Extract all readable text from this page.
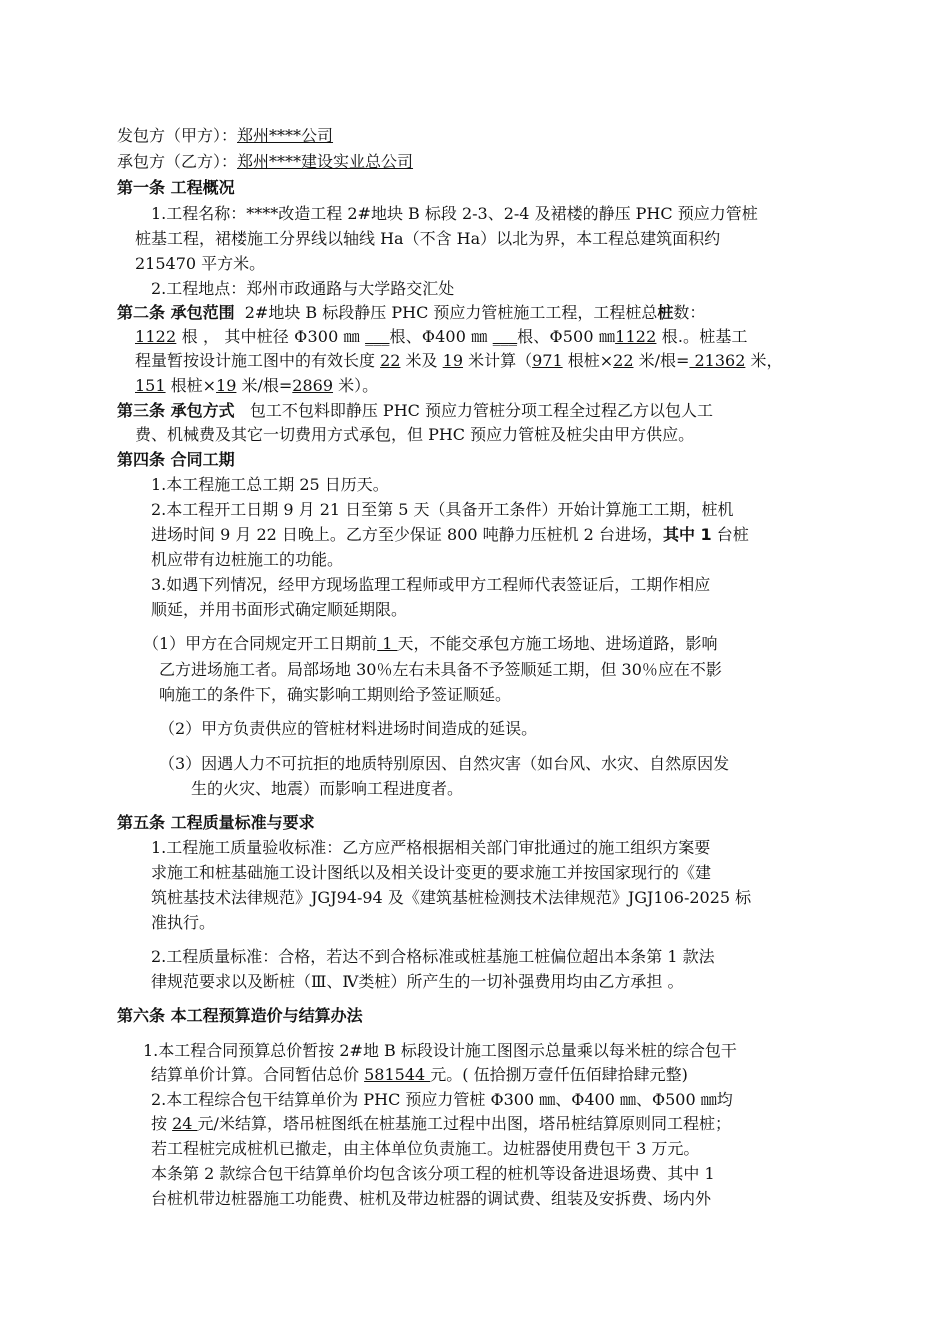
发包方（甲方）：郑州****公司
承包方（乙方）：郑州****建设实业总公司
第一条 工程概况
1.工程名称：****改造工程 2#地块 B 标段 2-3、2-4 及裙楼的静压 PHC 预应力管桩
桩基工程，裙楼施工分界线以轴线 Ha（不含 Ha）以北为界，本工程总建筑面积约
215470 平方米。
2.工程地点：郑州市政通路与大学路交汇处
第二条 承包范围 2#地块 B 标段静压 PHC 预应力管桩施工工程，工程桩总桩数：
1122 根 ， 其中桩径 Φ300 ㎜ ___根、Φ400 ㎜ ___根、Φ500 ㎜1122 根.。桩基工
程量暂按设计施工图中的有效长度 22 米及 19 米计算（971 根桩×22 米/根= 21362 米，
151 根桩×19 米/根=2869 米）。
第三条 承包方式 包工不包料即静压 PHC 预应力管桩分项工程全过程乙方以包人工
费、机械费及其它一切费用方式承包，但 PHC 预应力管桩及桩尖由甲方供应。
第四条 合同工期
1.本工程施工总工期 25 日历天。
2.本工程开工日期 9 月 21 日至第 5 天（具备开工条件）开始计算施工工期，桩机
进场时间 9 月 22 日晚上。乙方至少保证 800 吨静力压桩机 2 台进场，其中 1 台桩
机应带有边桩施工的功能。
3.如遇下列情况，经甲方现场监理工程师或甲方工程师代表签证后，工期作相应
顺延，并用书面形式确定顺延期限。
（1）甲方在合同规定开工日期前 1 天，不能交承包方施工场地、进场道路，影响
乙方进场施工者。局部场地 30％左右未具备不予签顺延工期，但 30％应在不影
响施工的条件下，确实影响工期则给予签证顺延。
（2）甲方负责供应的管桩材料进场时间造成的延误。
（3）因遇人力不可抗拒的地质特别原因、自然灾害（如台风、水灾、自然原因发
生的火灾、地震）而影响工程进度者。
第五条 工程质量标准与要求
1.工程施工质量验收标准：乙方应严格根据相关部门审批通过的施工组织方案要
求施工和桩基础施工设计图纸以及相关设计变更的要求施工并按国家现行的《建
筑桩基技术法律规范》JGJ94-94 及《建筑基桩检测技术法律规范》JGJ106-2025 标
准执行。
2.工程质量标准：合格，若达不到合格标准或桩基施工桩偏位超出本条第 1 款法
律规范要求以及断桩（Ⅲ、Ⅳ类桩）所产生的一切补强费用均由乙方承担 。
第六条 本工程预算造价与结算办法
1.本工程合同预算总价暂按 2#地 B 标段设计施工图图示总量乘以每米桩的综合包干
结算单价计算。合同暂估总价 581544 元。( 伍拾捌万壹仟伍佰肆拾肆元整)
2.本工程综合包干结算单价为 PHC 预应力管桩 Φ300 ㎜、Φ400 ㎜、Φ500 ㎜均
按 24 元/米结算，塔吊桩图纸在桩基施工过程中出图，塔吊桩结算原则同工程桩；
若工程桩完成桩机已撤走，由主体单位负责施工。边桩器使用费包干 3 万元。
本条第 2 款综合包干结算单价均包含该分项工程的桩机等设备进退场费、其中 1
台桩机带边桩器施工功能费、桩机及带边桩器的调试费、组装及安拆费、场内外
